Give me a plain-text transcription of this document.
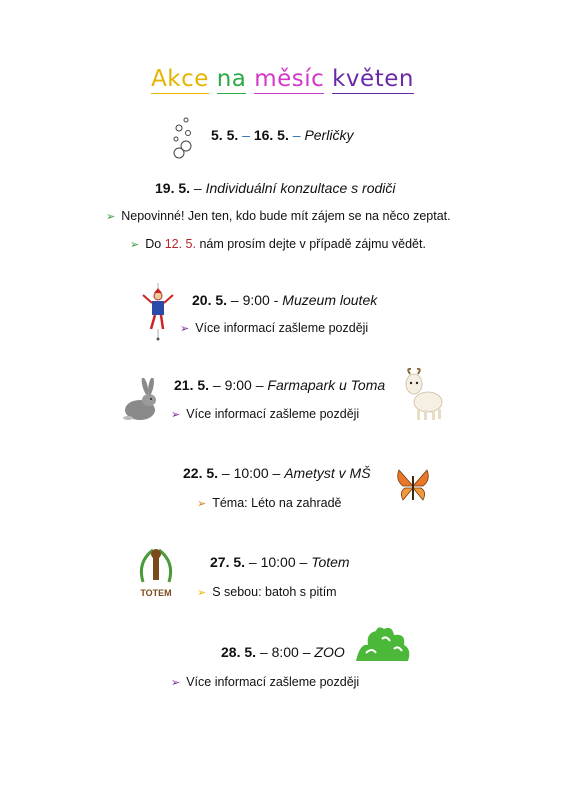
Akce na měsíc květen
5. 5. – 16. 5. – Perličky
19. 5. – Individuální konzultace s rodiči
➢ Nepovinné! Jen ten, kdo bude mít zájem se na něco zeptat.
➢ Do 12. 5. nám prosím dejte v případě zájmu vědět.
20. 5. – 9:00 - Muzeum loutek
➢ Více informací zašleme později
21. 5. – 9:00 – Farmapark u Toma
➢ Více informací zašleme později
22. 5. – 10:00 – Ametyst v MŠ
➢ Téma: Léto na zahradě
TOTEM
27. 5. – 10:00 – Totem
➢ S sebou: batoh s pitím
28. 5. – 8:00 – ZOO
➢ Více informací zašleme později
